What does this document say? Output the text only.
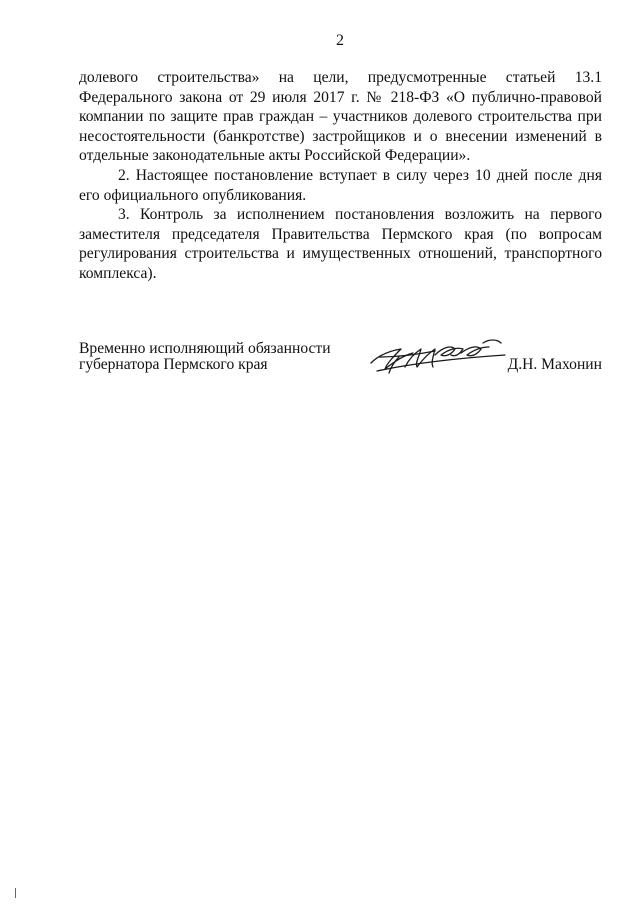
2

долевого строительства» на цели, предусмотренные статьей 13.1 Федерального закона от 29 июля 2017 г. № 218-ФЗ «О публично-правовой компании по защите прав граждан – участников долевого строительства при несостоятельности (банкротстве) застройщиков и о внесении изменений в отдельные законодательные акты Российской Федерации».

2. Настоящее постановление вступает в силу через 10 дней после дня его официального опубликования.

3. Контроль за исполнением постановления возложить на первого заместителя председателя Правительства Пермского края (по вопросам регулирования строительства и имущественных отношений, транспортного комплекса).

Временно исполняющий обязанности
губернатора Пермского края	Д.Н. Махонин
